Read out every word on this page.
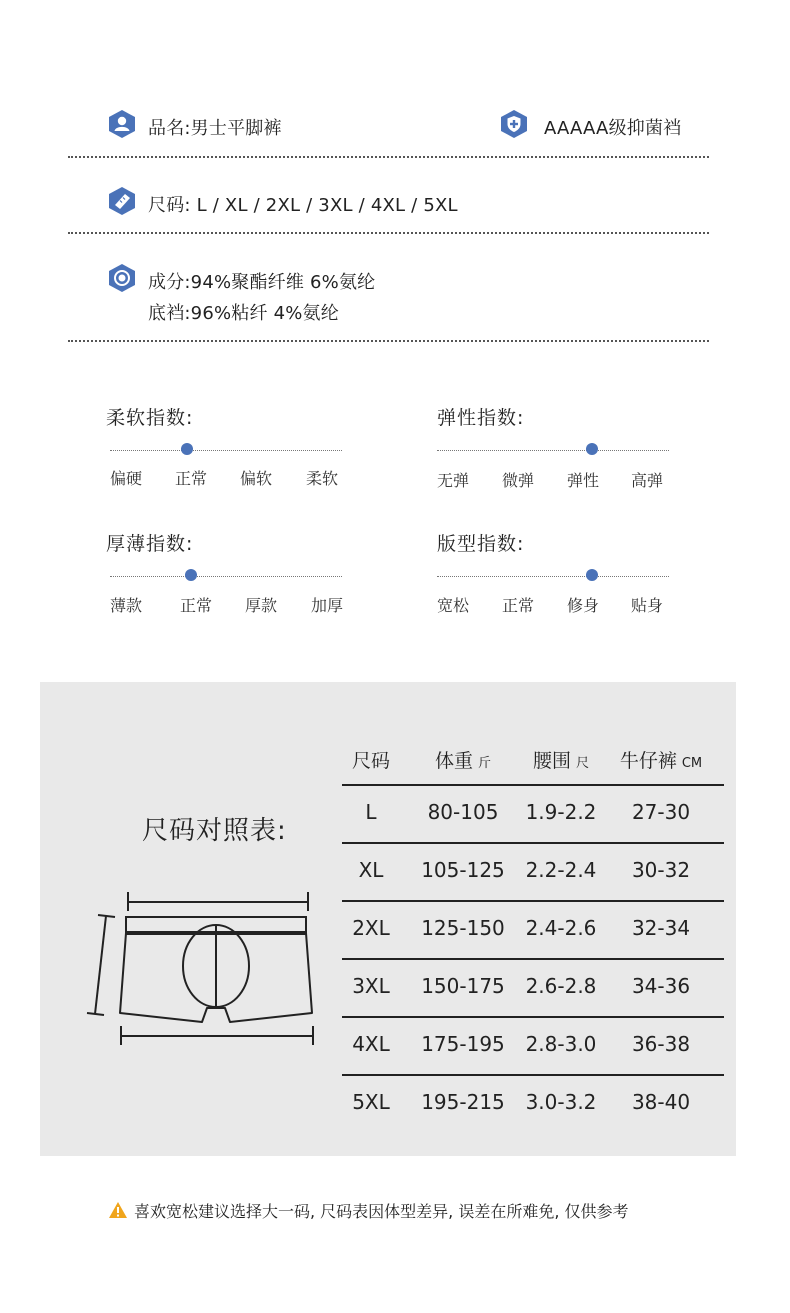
品名:男士平脚裤	AAAAA级抑菌裆
尺码: L / XL / 2XL / 3XL / 4XL / 5XL
成分:94%聚酯纤维 6%氨纶
底裆:96%粘纤 4%氨纶
柔软指数:
偏硬 正常 偏软 柔软
弹性指数:
无弹 微弹 弹性 高弹
厚薄指数:
薄款 正常 厚款 加厚
版型指数:
宽松 正常 修身 贴身
尺码对照表:
尺码 体重 斤 腰围 尺 牛仔裤 CM
L	80-105 1.9-2.2 27-30
XL 105-125 2.2-2.4 30-32
2XL 125-150 2.4-2.6 32-34
3XL 150-175 2.6-2.8 34-36
4XL 175-195 2.8-3.0 36-38
5XL 195-215 3.0-3.2 38-40
喜欢宽松建议选择大一码, 尺码表因体型差异, 误差在所难免, 仅供参考
